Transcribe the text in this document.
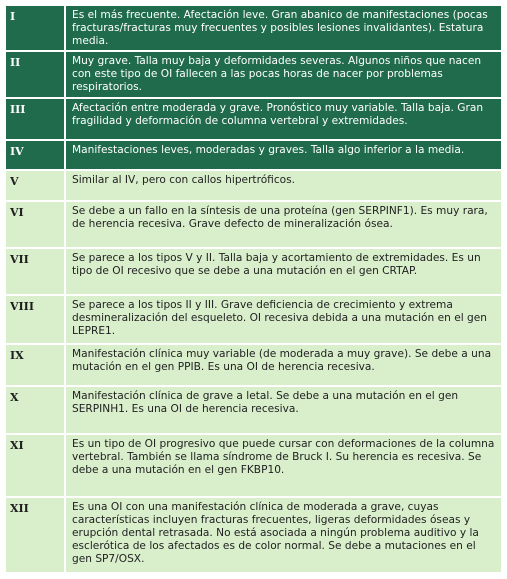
I	Es el más frecuente. Afectación leve. Gran abanico de manifestaciones (pocas fracturas/fracturas muy frecuentes y posibles lesiones invalidantes). Estatura media.
II	Muy grave. Talla muy baja y deformidades severas. Algunos niños que nacen con este tipo de OI fallecen a las pocas horas de nacer por problemas respiratorios.
III	Afectación entre moderada y grave. Pronóstico muy variable. Talla baja. Gran fragilidad y deformación de columna vertebral y extremidades.
IV	Manifestaciones leves, moderadas y graves. Talla algo inferior a la media.
V	Similar al IV, pero con callos hipertróficos.
VI	Se debe a un fallo en la síntesis de una proteína (gen SERPINF1). Es muy rara, de herencia recesiva. Grave defecto de mineralización ósea.
VII	Se parece a los tipos V y II. Talla baja y acortamiento de extremidades. Es un tipo de OI recesivo que se debe a una mutación en el gen CRTAP.
VIII	Se parece a los tipos II y III. Grave deficiencia de crecimiento y extrema desmineralización del esqueleto. OI recesiva debida a una mutación en el gen LEPRE1.
IX	Manifestación clínica muy variable (de moderada a muy grave). Se debe a una mutación en el gen PPIB. Es una OI de herencia recesiva.
X	Manifestación clínica de grave a letal. Se debe a una mutación en el gen SERPINH1. Es una OI de herencia recesiva.
XI	Es un tipo de OI progresivo que puede cursar con deformaciones de la columna vertebral. También se llama síndrome de Bruck I. Su herencia es recesiva. Se debe a una mutación en el gen FKBP10.
XII	Es una OI con una manifestación clínica de moderada a grave, cuyas características incluyen fracturas frecuentes, ligeras deformidades óseas y erupción dental retrasada. No está asociada a ningún problema auditivo y la esclerótica de los afectados es de color normal. Se debe a mutaciones en el gen SP7/OSX.
